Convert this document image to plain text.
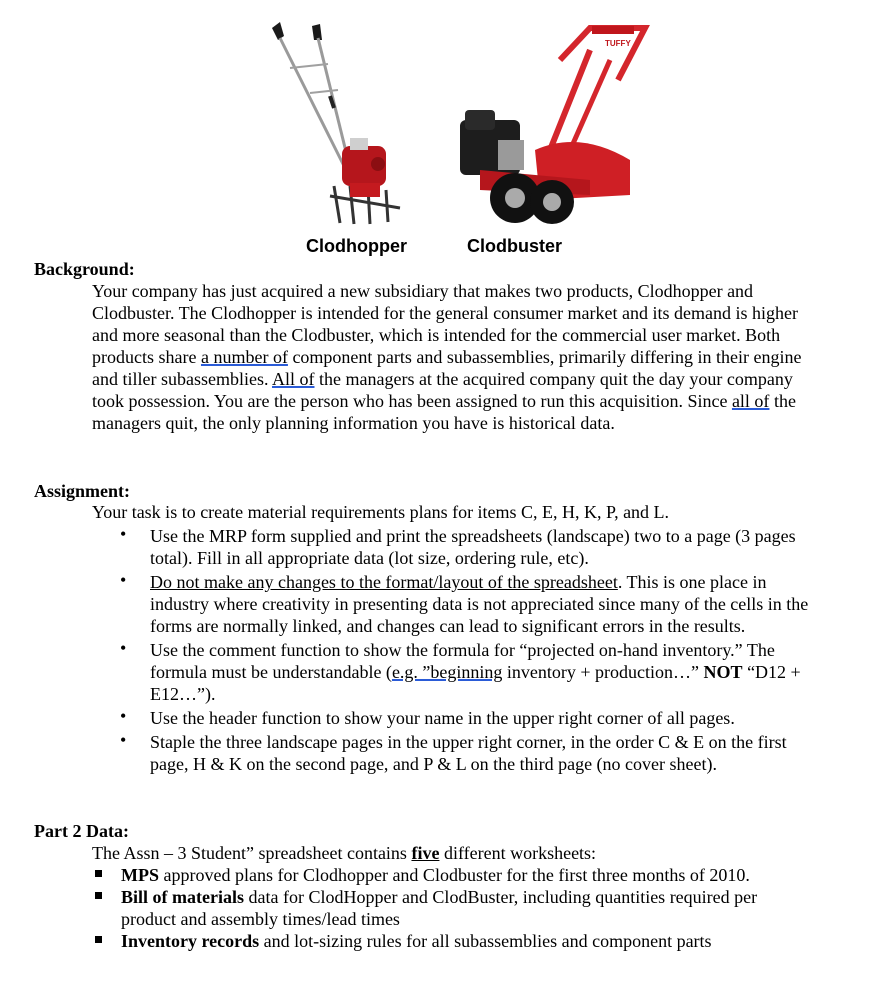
TUFFY
Clodhopper	Clodbuster
Background:
Your company has just acquired a new subsidiary that makes two products, Clodhopper and
Clodbuster. The Clodhopper is intended for the general consumer market and its demand is higher
and more seasonal than the Clodbuster, which is intended for the commercial user market. Both
products share a number of component parts and subassemblies, primarily differing in their engine
and tiller subassemblies. All of the managers at the acquired company quit the day your company
took possession. You are the person who has been assigned to run this acquisition. Since all of the
managers quit, the only planning information you have is historical data.
Assignment:
Your task is to create material requirements plans for items C, E, H, K, P, and L.
• Use the MRP form supplied and print the spreadsheets (landscape) two to a page (3 pages
total). Fill in all appropriate data (lot size, ordering rule, etc).
• Do not make any changes to the format/layout of the spreadsheet. This is one place in
industry where creativity in presenting data is not appreciated since many of the cells in the
forms are normally linked, and changes can lead to significant errors in the results.
• Use the comment function to show the formula for “projected on-hand inventory.” The
formula must be understandable (e.g. ”beginning inventory + production…” NOT “D12 +
E12…”).
• Use the header function to show your name in the upper right corner of all pages.
• Staple the three landscape pages in the upper right corner, in the order C & E on the first
page, H & K on the second page, and P & L on the third page (no cover sheet).
Part 2 Data:
The Assn – 3 Student” spreadsheet contains five different worksheets:
MPS approved plans for Clodhopper and Clodbuster for the first three months of 2010.
Bill of materials data for ClodHopper and ClodBuster, including quantities required per
product and assembly times/lead times
Inventory records and lot-sizing rules for all subassemblies and component parts
